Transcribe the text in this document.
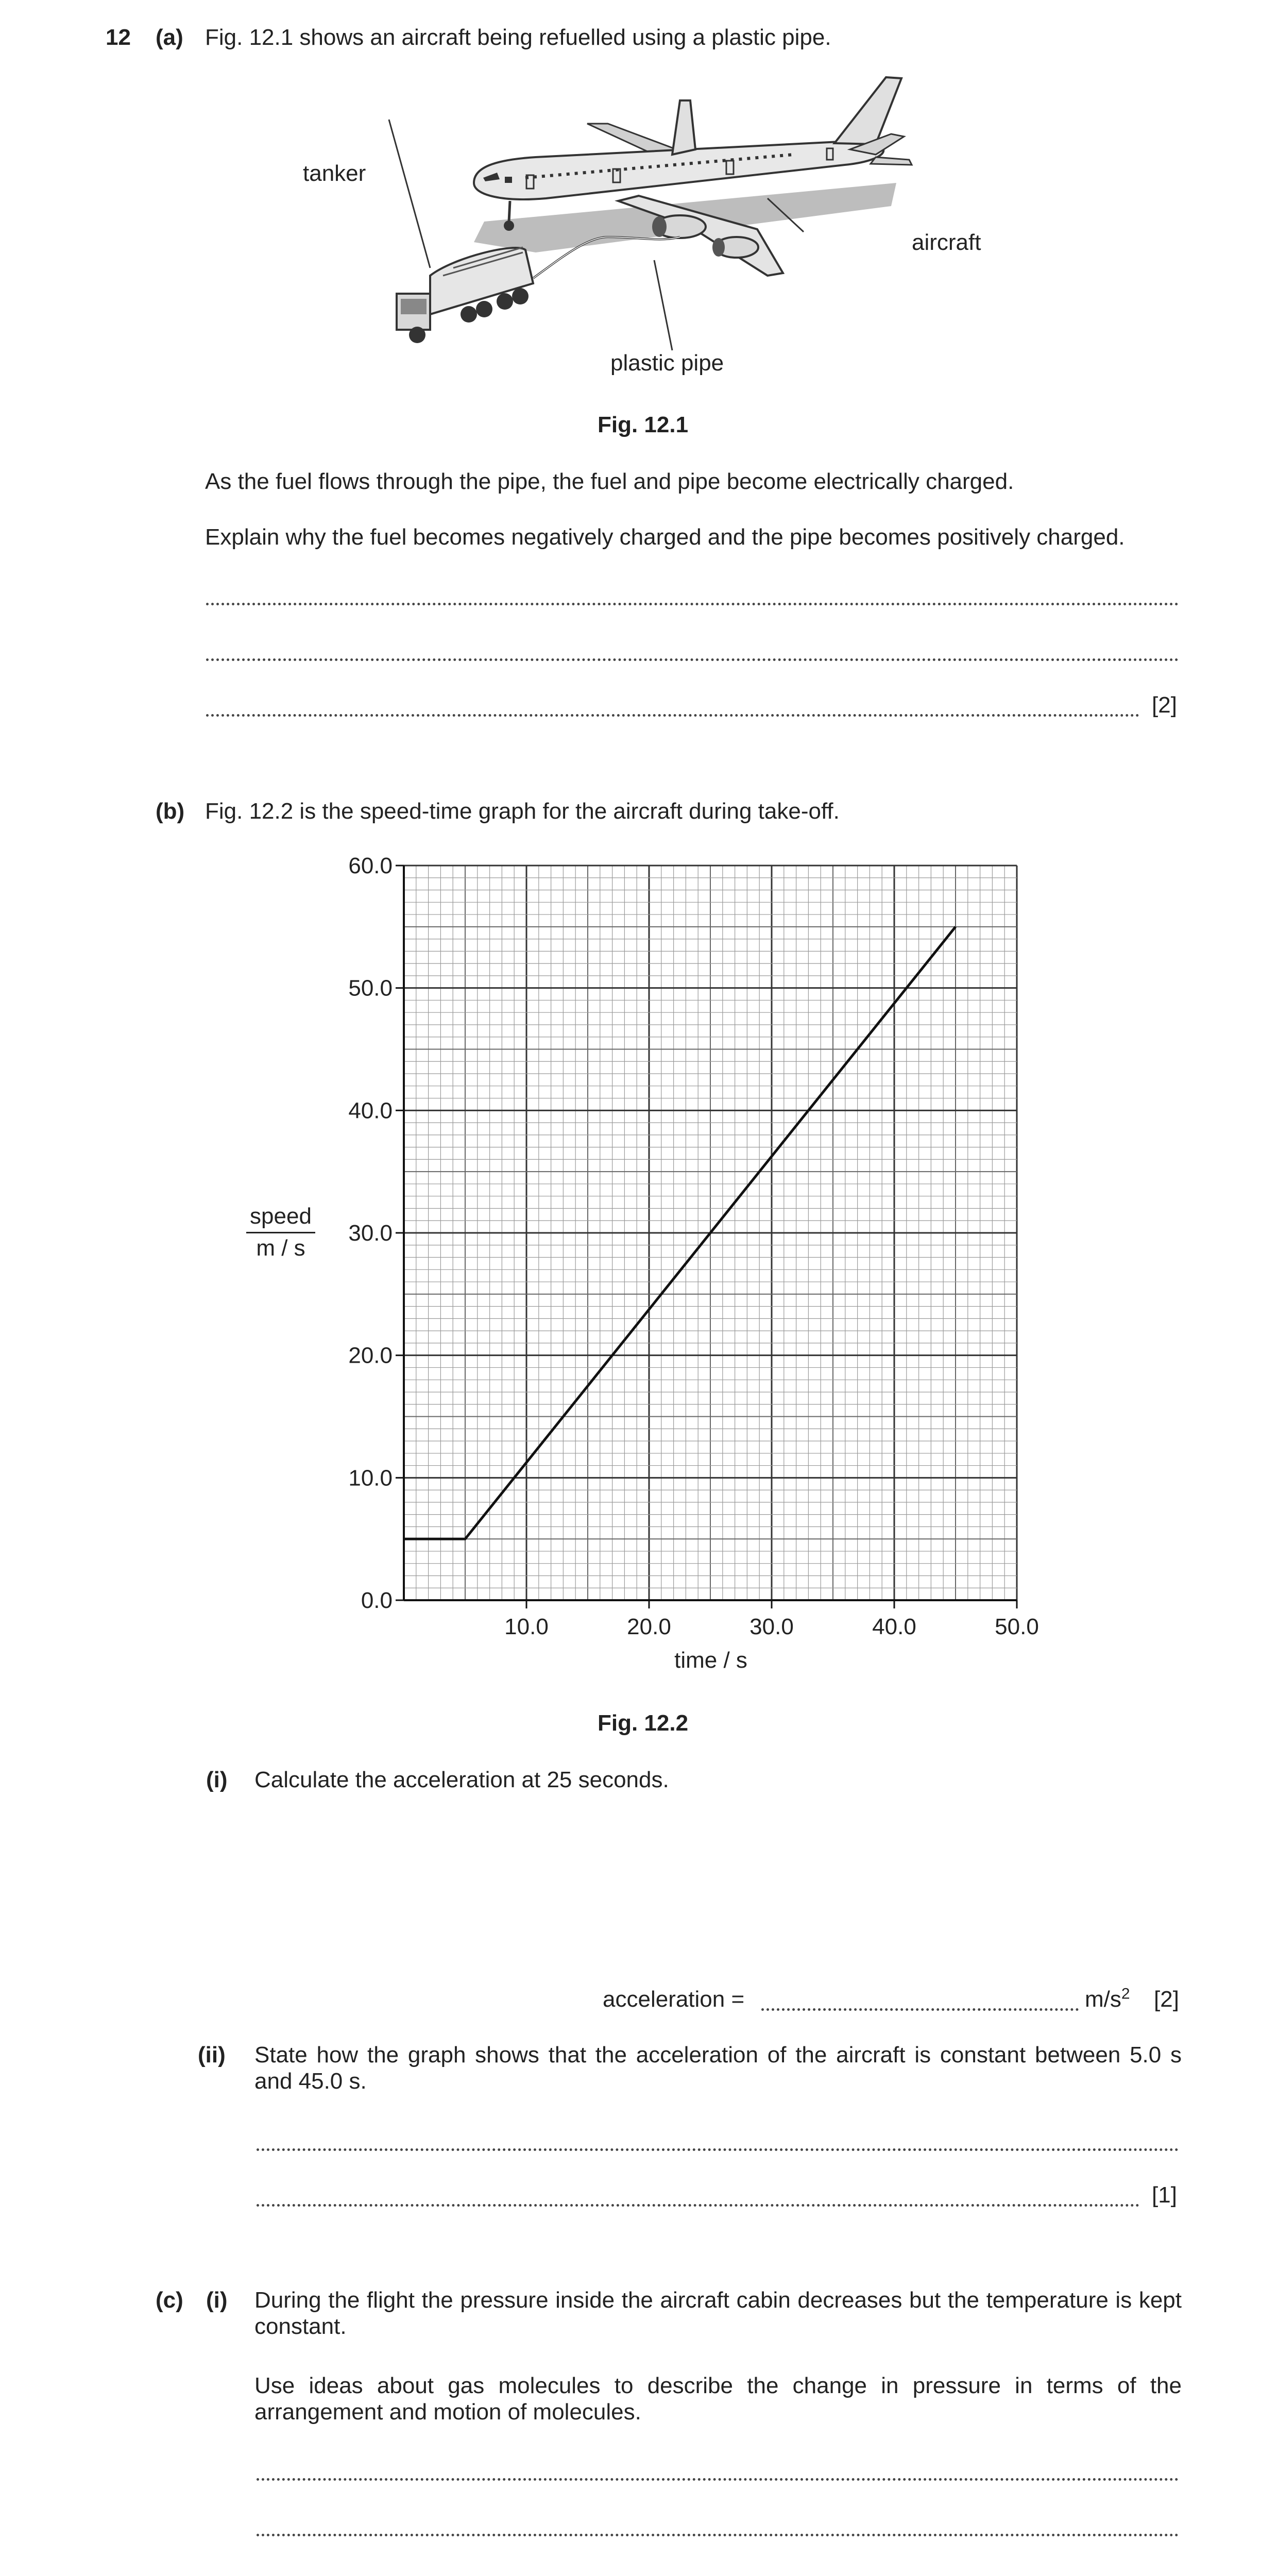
12 (a) Fig. 12.1 shows an aircraft being refuelled using a plastic pipe.
tanker
aircraft
plastic pipe
Fig. 12.1
As the fuel flows through the pipe, the fuel and pipe become electrically charged.
Explain why the fuel becomes negatively charged and the pipe becomes positively charged.
[2]
(b) Fig. 12.2 is the speed-time graph for the aircraft during take-off.
0.0
10.0
20.0
30.0
40.0
50.0
60.0
10.0	20.0	30.0	40.0	50.0
speed
m / s
time / s
Fig. 12.2
(i) Calculate the acceleration at 25 seconds.
acceleration =	$m/s^2$ [2]
(ii) State how the graph shows that the acceleration of the aircraft is constant between 5.0 s and 45.0 s.
[1]
(c) (i) During the flight the pressure inside the aircraft cabin decreases but the temperature is kept constant.
Use ideas about gas molecules to describe the change in pressure in terms of the arrangement and motion of molecules.
